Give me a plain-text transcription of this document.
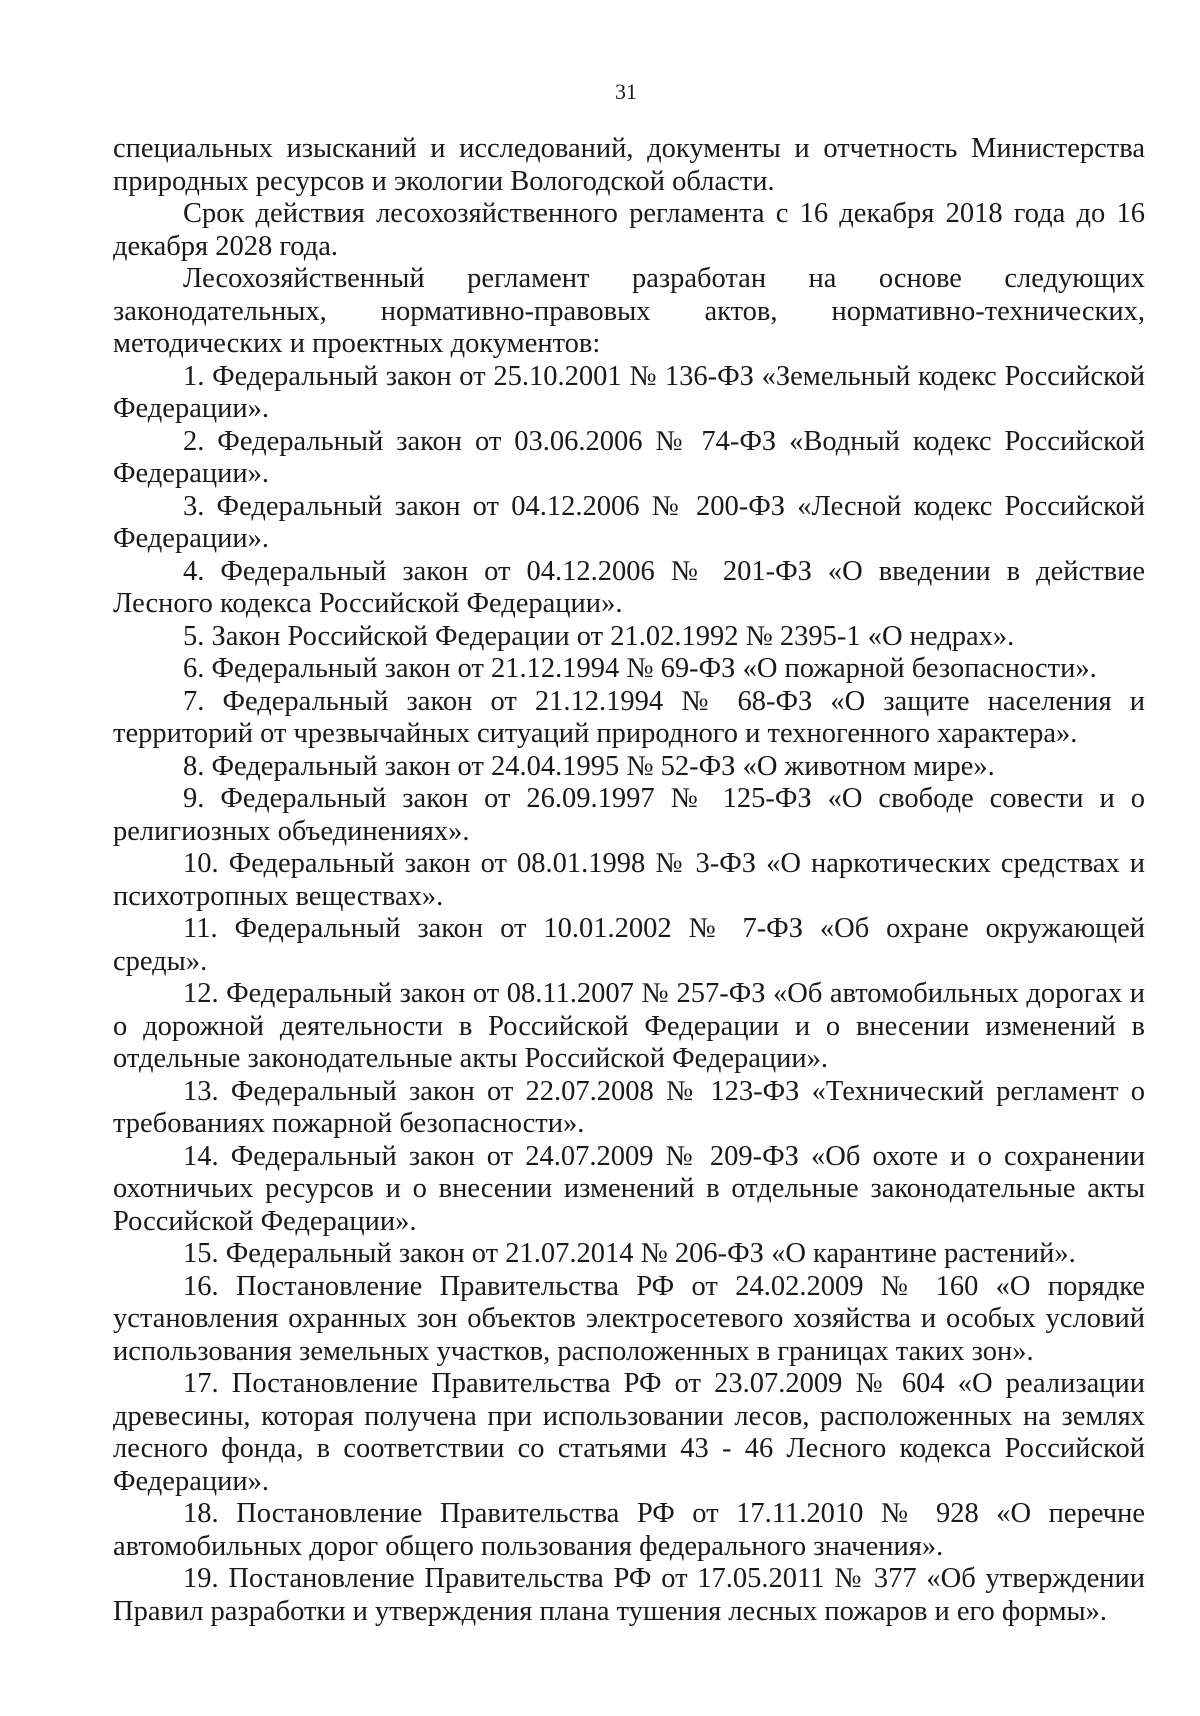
31

специальных изысканий и исследований, документы и отчетность Министерства природных ресурсов и экологии Вологодской области.

Срок действия лесохозяйственного регламента с 16 декабря 2018 года до 16 декабря 2028 года.

Лесохозяйственный регламент разработан на основе следующих законодательных, нормативно-правовых актов, нормативно-технических, методических и проектных документов:

1. Федеральный закон от 25.10.2001 № 136-ФЗ «Земельный кодекс Российской Федерации».

2. Федеральный закон от 03.06.2006 № 74-ФЗ «Водный кодекс Российской Федерации».

3. Федеральный закон от 04.12.2006 № 200-ФЗ «Лесной кодекс Российской Федерации».

4. Федеральный закон от 04.12.2006 № 201-ФЗ «О введении в действие Лесного кодекса Российской Федерации».

5. Закон Российской Федерации от 21.02.1992 № 2395-1 «О недрах».

6. Федеральный закон от 21.12.1994 № 69-ФЗ «О пожарной безопасности».

7. Федеральный закон от 21.12.1994 № 68-ФЗ «О защите населения и территорий от чрезвычайных ситуаций природного и техногенного характера».

8. Федеральный закон от 24.04.1995 № 52-ФЗ «О животном мире».

9. Федеральный закон от 26.09.1997 № 125-ФЗ «О свободе совести и о религиозных объединениях».

10. Федеральный закон от 08.01.1998 № 3-ФЗ «О наркотических средствах и психотропных веществах».

11. Федеральный закон от 10.01.2002 № 7-ФЗ «Об охране окружающей среды».

12. Федеральный закон от 08.11.2007 № 257-ФЗ «Об автомобильных дорогах и о дорожной деятельности в Российской Федерации и о внесении изменений в отдельные законодательные акты Российской Федерации».

13. Федеральный закон от 22.07.2008 № 123-ФЗ «Технический регламент о требованиях пожарной безопасности».

14. Федеральный закон от 24.07.2009 № 209-ФЗ «Об охоте и о сохранении охотничьих ресурсов и о внесении изменений в отдельные законодательные акты Российской Федерации».

15. Федеральный закон от 21.07.2014 № 206-ФЗ «О карантине растений».

16. Постановление Правительства РФ от 24.02.2009 № 160 «О порядке установления охранных зон объектов электросетевого хозяйства и особых условий использования земельных участков, расположенных в границах таких зон».

17. Постановление Правительства РФ от 23.07.2009 № 604 «О реализации древесины, которая получена при использовании лесов, расположенных на землях лесного фонда, в соответствии со статьями 43 - 46 Лесного кодекса Российской Федерации».

18. Постановление Правительства РФ от 17.11.2010 № 928 «О перечне автомобильных дорог общего пользования федерального значения».

19. Постановление Правительства РФ от 17.05.2011 № 377 «Об утверждении Правил разработки и утверждения плана тушения лесных пожаров и его формы».
